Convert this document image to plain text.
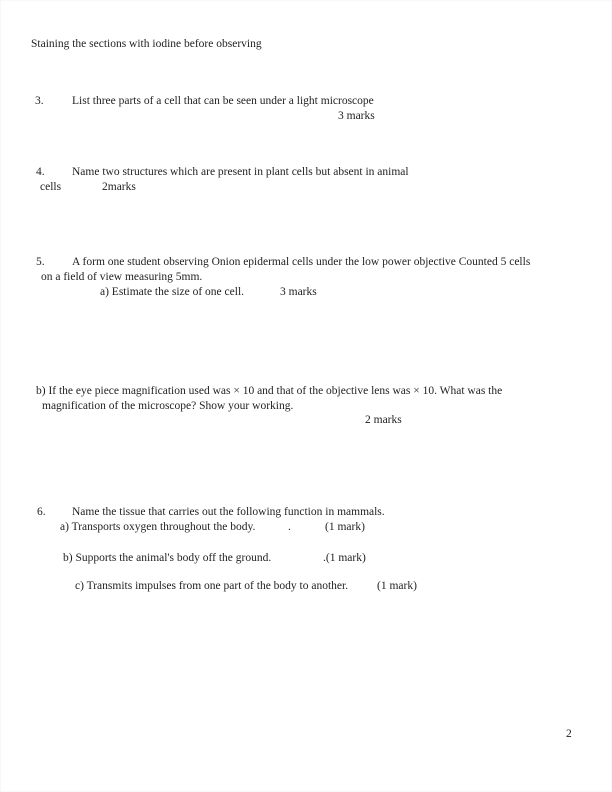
Staining the sections with iodine before observing
3. List three parts of a cell that can be seen under a light microscope
3 marks
4. Name two structures which are present in plant cells but absent in animal
cells	2marks
5. A form one student observing Onion epidermal cells under the low power objective Counted 5 cells
on a field of view measuring 5mm.
a) Estimate the size of one cell.	3 marks
b) If the eye piece magnification used was × 10 and that of the objective lens was × 10. What was the
magnification of the microscope? Show your working.
2 marks
6. Name the tissue that carries out the following function in mammals.
a) Transports oxygen throughout the body.	.	(1 mark)
b) Supports the animal's body off the ground.	.(1 mark)
c) Transmits impulses from one part of the body to another.	(1 mark)
2
